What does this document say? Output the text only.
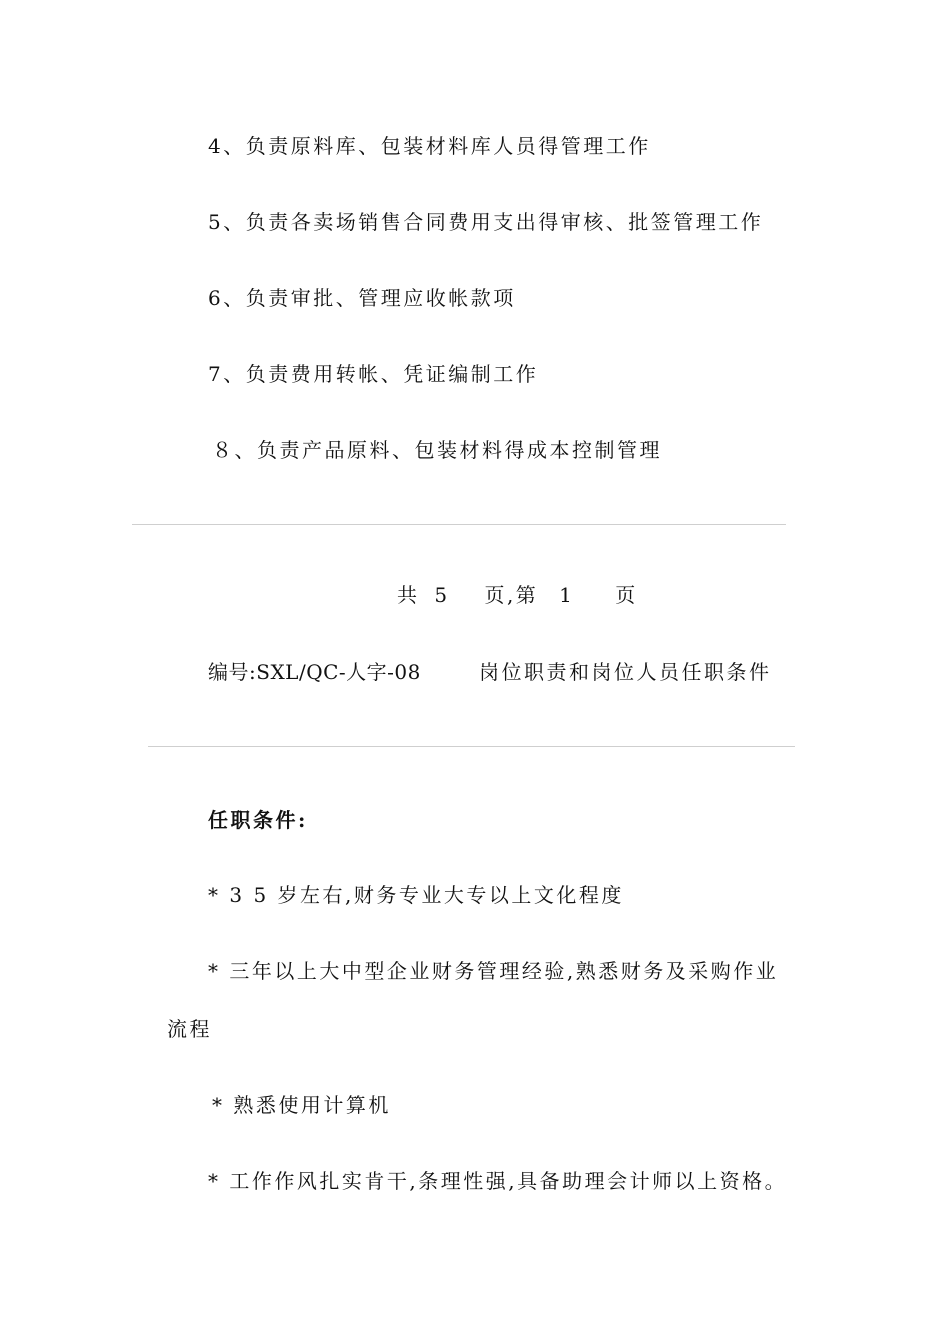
4、负责原料库、包装材料库人员得管理工作
5、负责各卖场销售合同费用支出得审核、批签管理工作
6、负责审批、管理应收帐款项
7、负责费用转帐、凭证编制工作
８、负责产品原料、包装材料得成本控制管理
共 5 页,第 1 页
编号:SXL/QC-人字-08	岗位职责和岗位人员任职条件
任职条件:
* 3 5 岁左右,财务专业大专以上文化程度
* 三年以上大中型企业财务管理经验,熟悉财务及采购作业
流程
* 熟悉使用计算机
* 工作作风扎实肯干,条理性强,具备助理会计师以上资格。
